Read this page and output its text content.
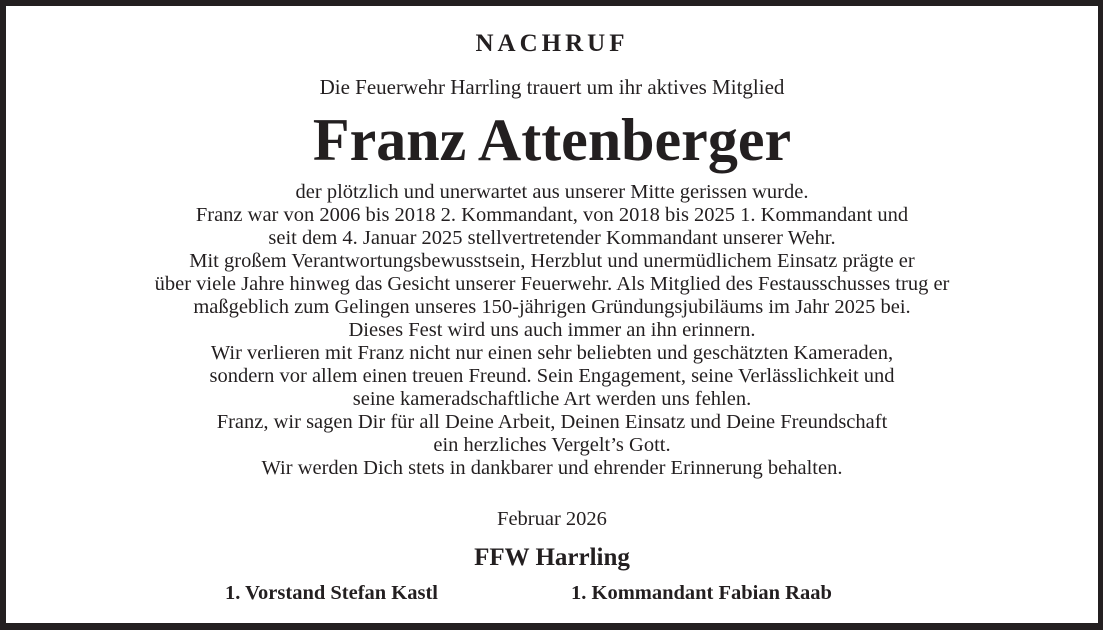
NACHRUF
Die Feuerwehr Harrling trauert um ihr aktives Mitglied
Franz Attenberger
der plötzlich und unerwartet aus unserer Mitte gerissen wurde.
Franz war von 2006 bis 2018 2. Kommandant, von 2018 bis 2025 1. Kommandant und
seit dem 4. Januar 2025 stellvertretender Kommandant unserer Wehr.
Mit großem Verantwortungsbewusstsein, Herzblut und unermüdlichem Einsatz prägte er
über viele Jahre hinweg das Gesicht unserer Feuerwehr. Als Mitglied des Festausschusses trug er
maßgeblich zum Gelingen unseres 150-jährigen Gründungsjubiläums im Jahr 2025 bei.
Dieses Fest wird uns auch immer an ihn erinnern.
Wir verlieren mit Franz nicht nur einen sehr beliebten und geschätzten Kameraden,
sondern vor allem einen treuen Freund. Sein Engagement, seine Verlässlichkeit und
seine kameradschaftliche Art werden uns fehlen.
Franz, wir sagen Dir für all Deine Arbeit, Deinen Einsatz und Deine Freundschaft
ein herzliches Vergelt’s Gott.
Wir werden Dich stets in dankbarer und ehrender Erinnerung behalten.
Februar 2026
FFW Harrling
1. Vorstand Stefan Kastl	1. Kommandant Fabian Raab
